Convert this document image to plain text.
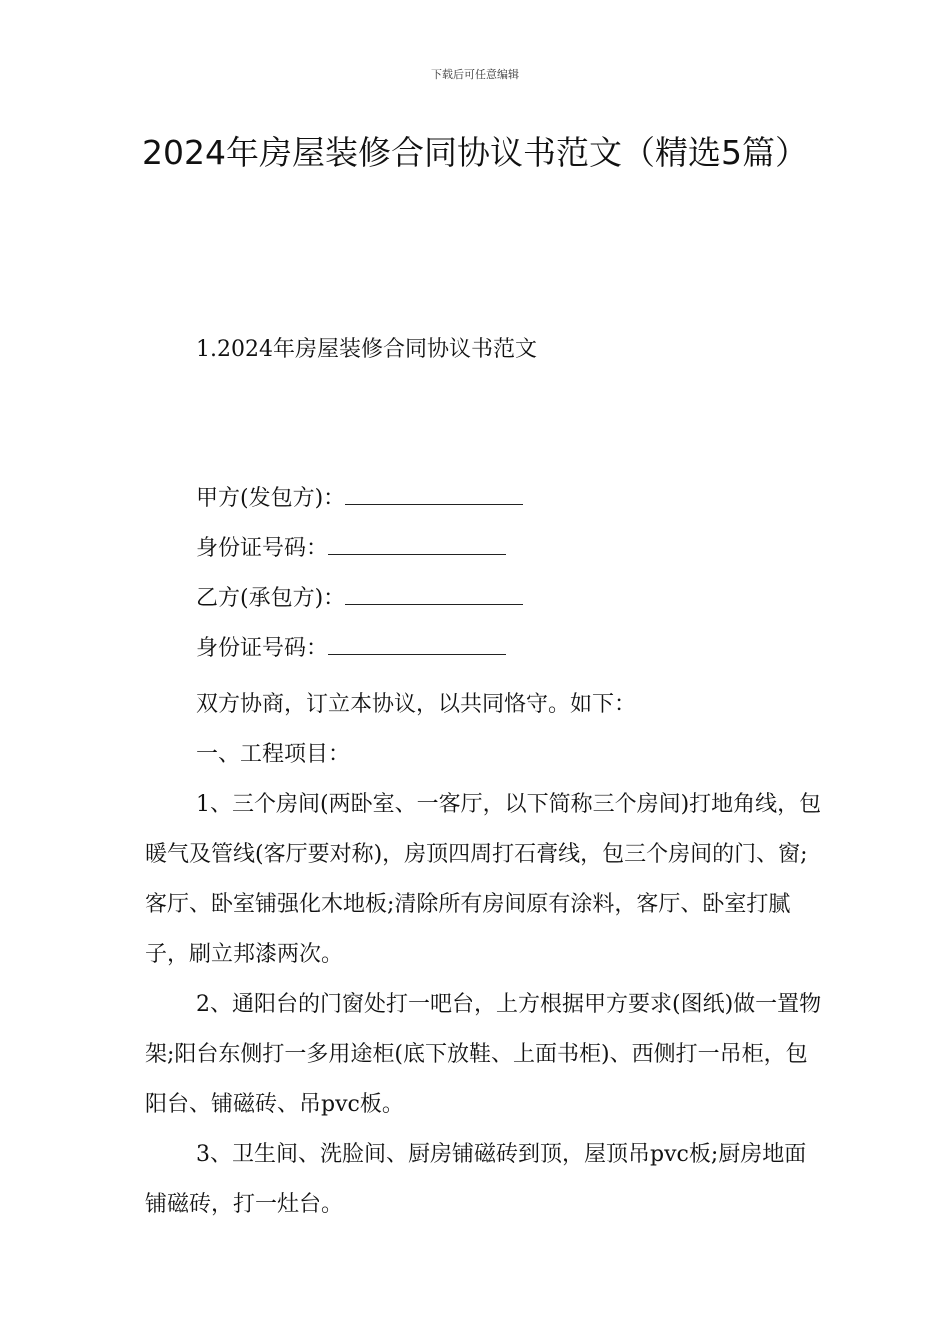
下载后可任意编辑
2024年房屋装修合同协议书范文（精选5篇）
1.2024年房屋装修合同协议书范文
甲方(发包方)：
身份证号码：
乙方(承包方)：
身份证号码：

双方协商，订立本协议，以共同恪守。如下：

一、工程项目：

1、三个房间(两卧室、一客厅，以下简称三个房间)打地角线，包暖气及管线(客厅要对称)，房顶四周打石膏线，包三个房间的门、窗;客厅、卧室铺强化木地板;清除所有房间原有涂料，客厅、卧室打腻子，刷立邦漆两次。

2、通阳台的门窗处打一吧台，上方根据甲方要求(图纸)做一置物架;阳台东侧打一多用途柜(底下放鞋、上面书柜)、西侧打一吊柜，包阳台、铺磁砖、吊pvc板。

3、卫生间、洗脸间、厨房铺磁砖到顶，屋顶吊pvc板;厨房地面铺磁砖，打一灶台。
